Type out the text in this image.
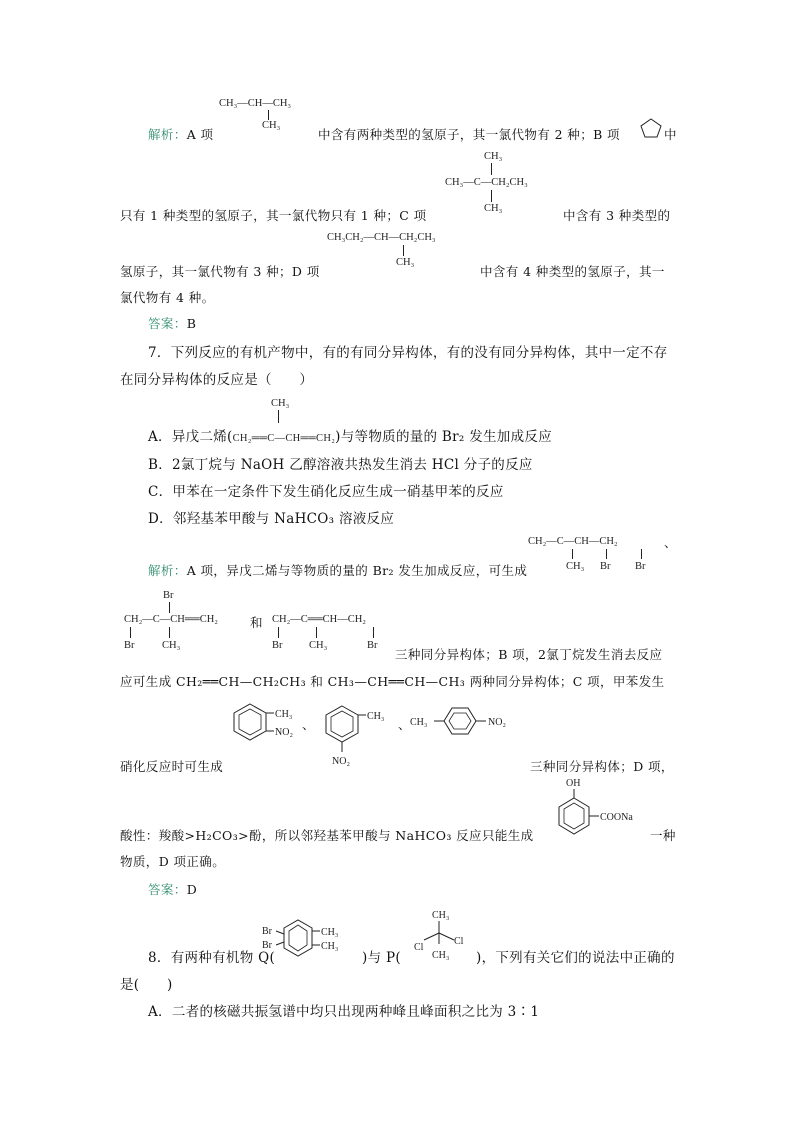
CH₃—CH—CH₃
CH₃
解析：A 项	中含有两种类型的氢原子，其一氯代物有 2 种；B 项	中
CH₃
CH₃—C—CH₂CH₃
CH₃
只有 1 种类型的氢原子，其一氯代物只有 1 种；C 项	中含有 3 种类型的
CH₃CH₂—CH—CH₂CH₃
CH₃
氢原子，其一氯代物有 3 种；D 项	中含有 4 种类型的氢原子，其一
氯代物有 4 种。
答案：B
7．下列反应的有机产物中，有的有同分异构体，有的没有同分异构体，其中一定不存
在同分异构体的反应是（　　）
CH₃
A．异戊二烯(CH₂══C—CH══CH₂)与等物质的量的 Br₂ 发生加成反应
B．2氯丁烷与 NaOH 乙醇溶液共热发生消去 HCl 分子的反应
C．甲苯在一定条件下发生硝化反应生成一硝基甲苯的反应
D．邻羟基苯甲酸与 NaHCO₃ 溶液反应
CH₂—C—CH—CH₂	、
CH₃ Br Br
解析：A 项，异戊二烯与等物质的量的 Br₂ 发生加成反应，可生成
Br
CH₂—C—CH══CH₂
Br	CH₃
和 CH₂—C══CH—CH₂
Br	CH₃	Br
三种同分异构体；B 项，2氯丁烷发生消去反应
应可生成 CH₂══CH—CH₂CH₃ 和 CH₃—CH══CH—CH₃ 两种同分异构体；C 项，甲苯发生
CH₃
NO₂
、
CH₃
NO₂
、 CH₃	NO₂
硝化反应时可生成	三种同分异构体；D 项，
OH
COONa
酸性：羧酸>H₂CO₃>酚，所以邻羟基苯甲酸与 NaHCO₃ 反应只能生成	一种
物质，D 项正确。
答案：D
Br
Br
CH₃
CH₃
CH₃
Cl
Cl
CH₃
8．有两种有机物 Q(	)与 P(	)，下列有关它们的说法中正确的
是(　　)
A．二者的核磁共振氢谱中均只出现两种峰且峰面积之比为 3∶1
